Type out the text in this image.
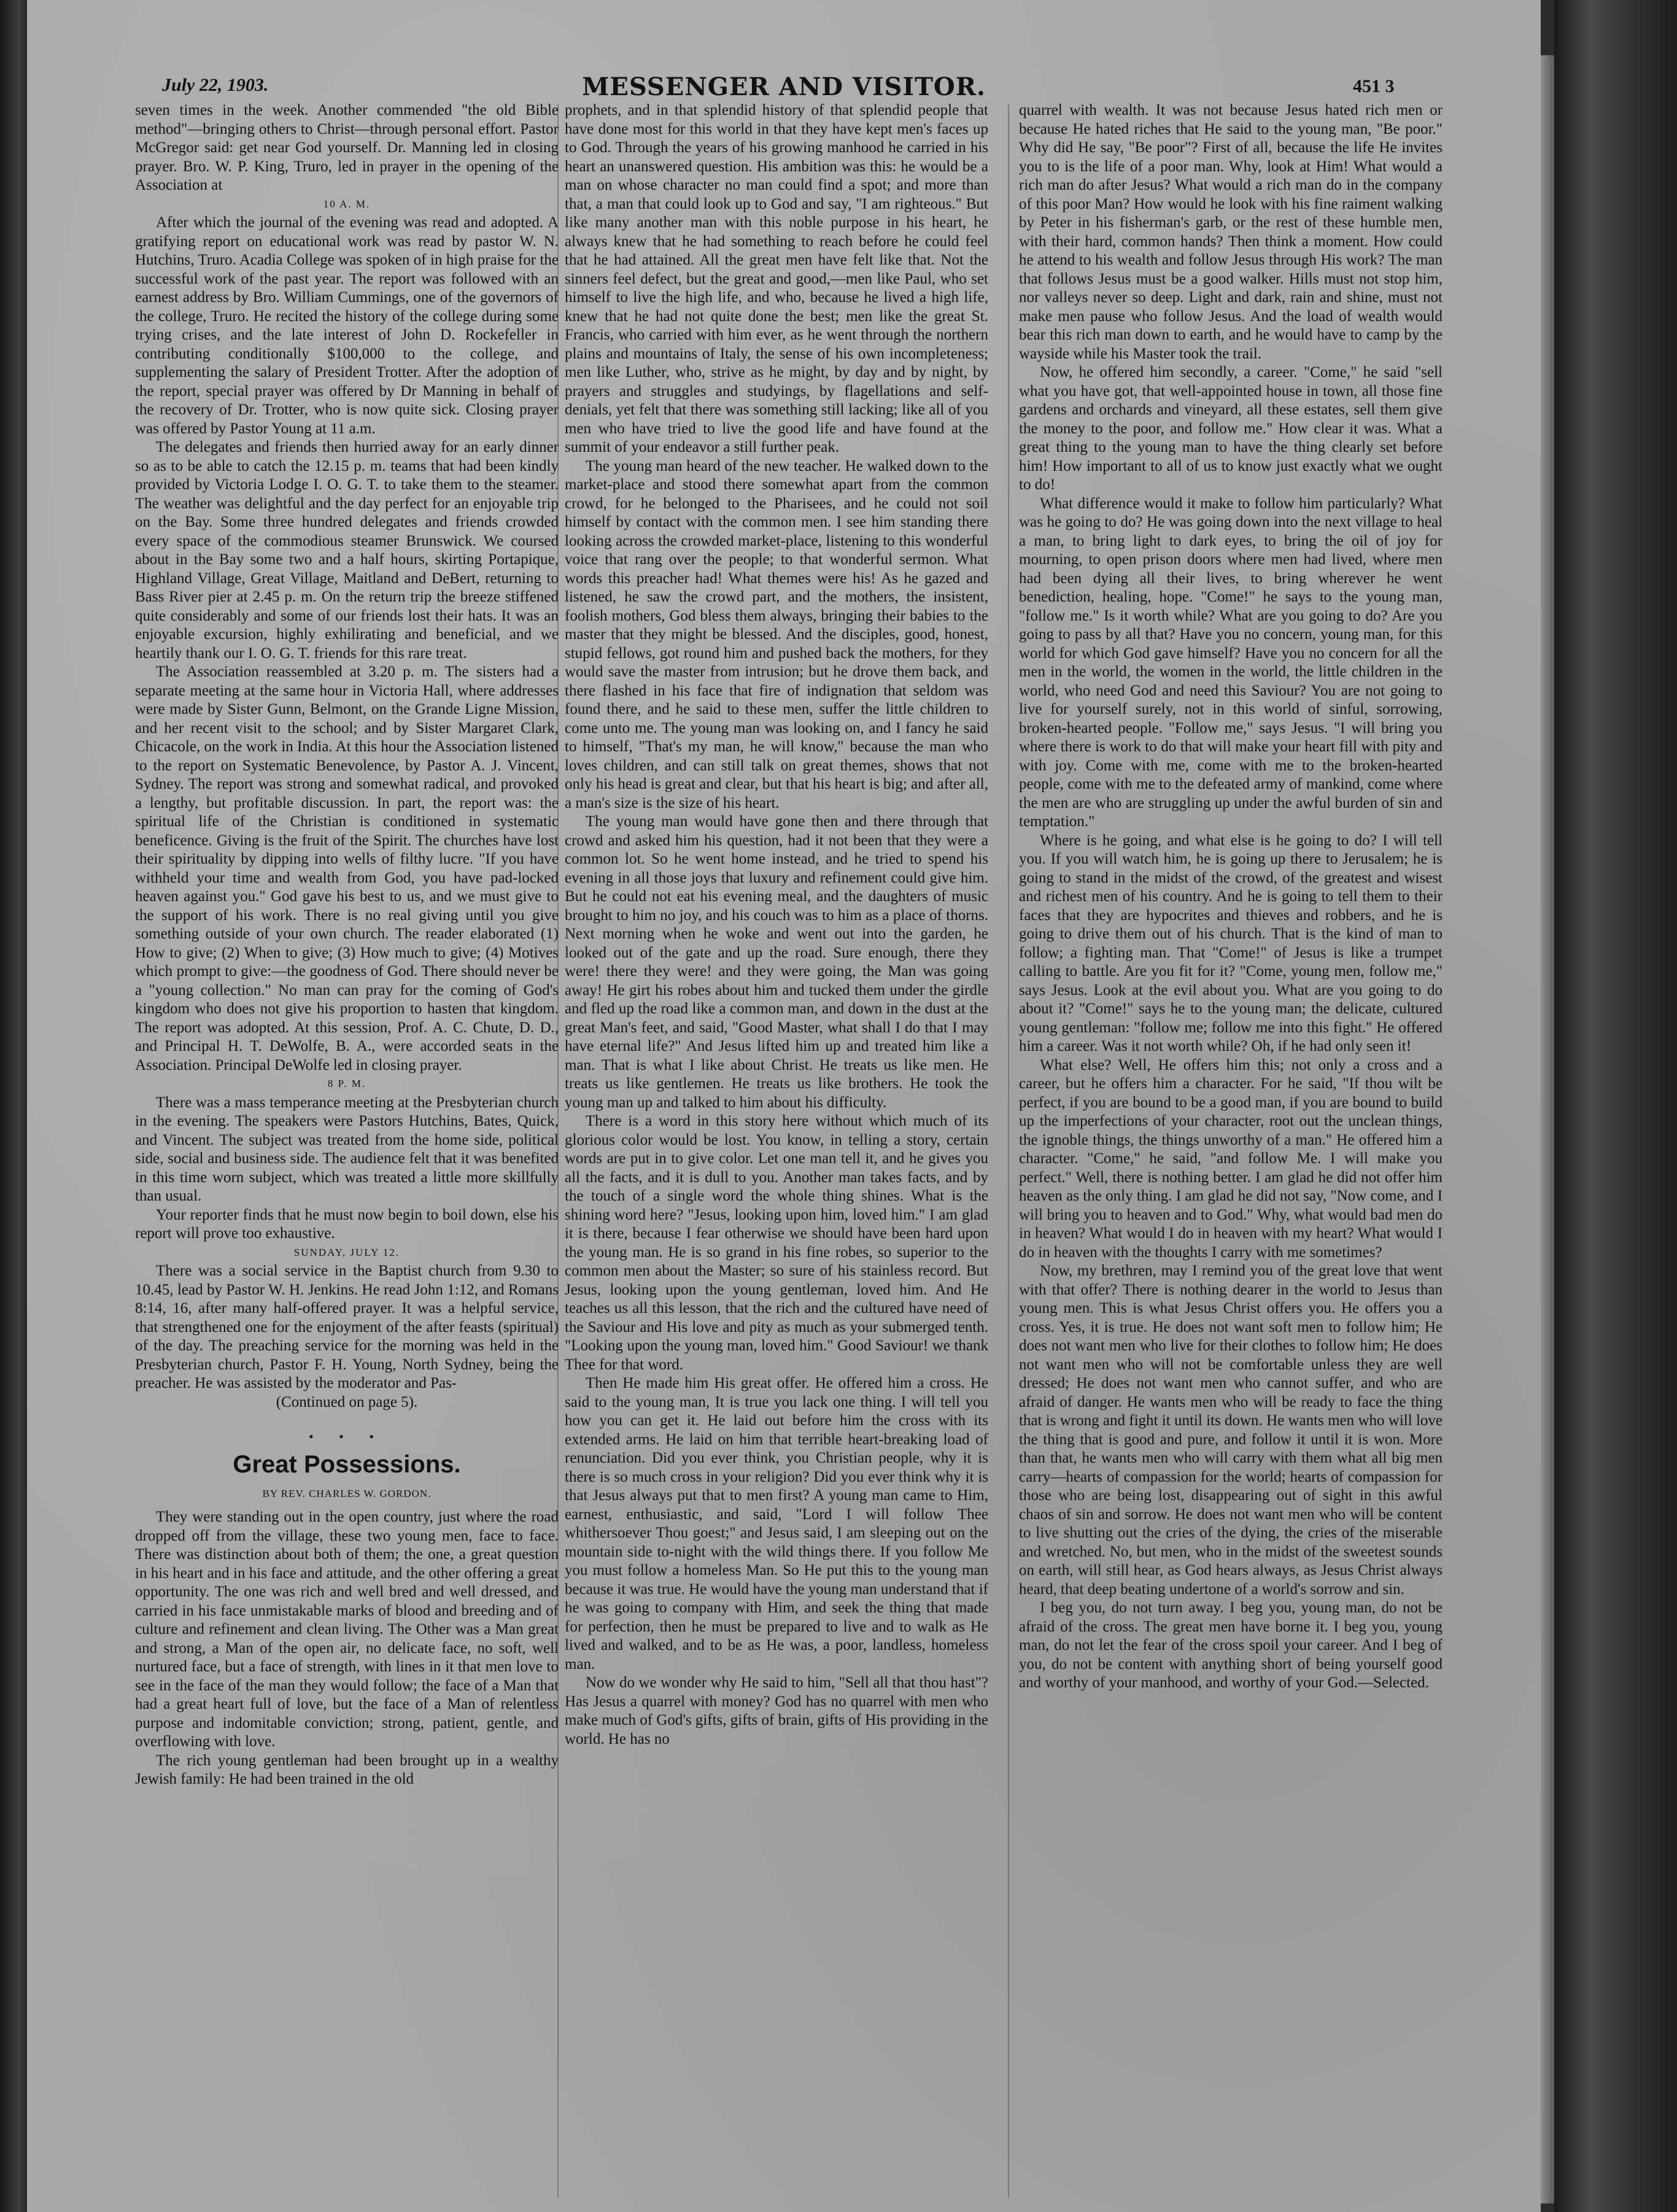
July 22, 1903.	MESSENGER AND VISITOR.	451 3

seven times in the week. Another commended "the old Bible method"—bringing others to Christ—through personal effort. Pastor McGregor said: get near God yourself. Dr. Manning led in closing prayer. Bro. W. P. King, Truro, led in prayer in the opening of the Association at

10 A. M.

After which the journal of the evening was read and adopted. A gratifying report on educational work was read by pastor W. N. Hutchins, Truro. Acadia College was spoken of in high praise for the successful work of the past year. The report was followed with an earnest address by Bro. William Cummings, one of the governors of the college, Truro. He recited the history of the college during some trying crises, and the late interest of John D. Rockefeller in contributing conditionally $100,000 to the college, and supplementing the salary of President Trotter. After the adoption of the report, special prayer was offered by Dr Manning in behalf of the recovery of Dr. Trotter, who is now quite sick. Closing prayer was offered by Pastor Young at 11 a.m.

The delegates and friends then hurried away for an early dinner so as to be able to catch the 12.15 p. m. teams that had been kindly provided by Victoria Lodge I. O. G. T. to take them to the steamer. The weather was delightful and the day perfect for an enjoyable trip on the Bay. Some three hundred delegates and friends crowded every space of the commodious steamer Brunswick. We coursed about in the Bay some two and a half hours, skirting Portapique, Highland Village, Great Village, Maitland and DeBert, returning to Bass River pier at 2.45 p. m. On the return trip the breeze stiffened quite considerably and some of our friends lost their hats. It was an enjoyable excursion, highly exhilirating and beneficial, and we heartily thank our I. O. G. T. friends for this rare treat.

The Association reassembled at 3.20 p. m. The sisters had a separate meeting at the same hour in Victoria Hall, where addresses were made by Sister Gunn, Belmont, on the Grande Ligne Mission, and her recent visit to the school; and by Sister Margaret Clark, Chicacole, on the work in India. At this hour the Association listened to the report on Systematic Benevolence, by Pastor A. J. Vincent, Sydney. The report was strong and somewhat radical, and provoked a lengthy, but profitable discussion. In part, the report was: the spiritual life of the Christian is conditioned in systematic beneficence. Giving is the fruit of the Spirit. The churches have lost their spirituality by dipping into wells of filthy lucre. "If you have withheld your time and wealth from God, you have pad-locked heaven against you." God gave his best to us, and we must give to the support of his work. There is no real giving until you give something outside of your own church. The reader elaborated (1) How to give; (2) When to give; (3) How much to give; (4) Motives which prompt to give:—the goodness of God. There should never be a "young collection." No man can pray for the coming of God's kingdom who does not give his proportion to hasten that kingdom. The report was adopted. At this session, Prof. A. C. Chute, D. D., and Principal H. T. DeWolfe, B. A., were accorded seats in the Association. Principal DeWolfe led in closing prayer.

8 P. M.

There was a mass temperance meeting at the Presbyterian church in the evening. The speakers were Pastors Hutchins, Bates, Quick, and Vincent. The subject was treated from the home side, political side, social and business side. The audience felt that it was benefited in this time worn subject, which was treated a little more skillfully than usual.

Your reporter finds that he must now begin to boil down, else his report will prove too exhaustive.

SUNDAY, JULY 12.

There was a social service in the Baptist church from 9.30 to 10.45, lead by Pastor W. H. Jenkins. He read John 1:12, and Romans 8:14, 16, after many half-offered prayer. It was a helpful service, that strengthened one for the enjoyment of the after feasts (spiritual) of the day. The preaching service for the morning was held in the Presbyterian church, Pastor F. H. Young, North Sydney, being the preacher. He was assisted by the moderator and Pas-

(Continued on page 5).

• • •
Great Possessions.
BY REV. CHARLES W. GORDON.

They were standing out in the open country, just where the road dropped off from the village, these two young men, face to face. There was distinction about both of them; the one, a great question in his heart and in his face and attitude, and the other offering a great opportunity. The one was rich and well bred and well dressed, and carried in his face unmistakable marks of blood and breeding and of culture and refinement and clean living. The Other was a Man great and strong, a Man of the open air, no delicate face, no soft, well nurtured face, but a face of strength, with lines in it that men love to see in the face of the man they would follow; the face of a Man that had a great heart full of love, but the face of a Man of relentless purpose and indomitable conviction; strong, patient, gentle, and overflowing with love.

The rich young gentleman had been brought up in a wealthy Jewish family: He had been trained in the old

prophets, and in that splendid history of that splendid people that have done most for this world in that they have kept men's faces up to God. Through the years of his growing manhood he carried in his heart an unanswered question. His ambition was this: he would be a man on whose character no man could find a spot; and more than that, a man that could look up to God and say, "I am righteous." But like many another man with this noble purpose in his heart, he always knew that he had something to reach before he could feel that he had attained. All the great men have felt like that. Not the sinners feel defect, but the great and good,—men like Paul, who set himself to live the high life, and who, because he lived a high life, knew that he had not quite done the best; men like the great St. Francis, who carried with him ever, as he went through the northern plains and mountains of Italy, the sense of his own incompleteness; men like Luther, who, strive as he might, by day and by night, by prayers and struggles and studyings, by flagellations and self-denials, yet felt that there was something still lacking; like all of you men who have tried to live the good life and have found at the summit of your endeavor a still further peak.

The young man heard of the new teacher. He walked down to the market-place and stood there somewhat apart from the common crowd, for he belonged to the Pharisees, and he could not soil himself by contact with the common men. I see him standing there looking across the crowded market-place, listening to this wonderful voice that rang over the people; to that wonderful sermon. What words this preacher had! What themes were his! As he gazed and listened, he saw the crowd part, and the mothers, the insistent, foolish mothers, God bless them always, bringing their babies to the master that they might be blessed. And the disciples, good, honest, stupid fellows, got round him and pushed back the mothers, for they would save the master from intrusion; but he drove them back, and there flashed in his face that fire of indignation that seldom was found there, and he said to these men, suffer the little children to come unto me. The young man was looking on, and I fancy he said to himself, "That's my man, he will know," because the man who loves children, and can still talk on great themes, shows that not only his head is great and clear, but that his heart is big; and after all, a man's size is the size of his heart.

The young man would have gone then and there through that crowd and asked him his question, had it not been that they were a common lot. So he went home instead, and he tried to spend his evening in all those joys that luxury and refinement could give him. But he could not eat his evening meal, and the daughters of music brought to him no joy, and his couch was to him as a place of thorns. Next morning when he woke and went out into the garden, he looked out of the gate and up the road. Sure enough, there they were! there they were! and they were going, the Man was going away! He girt his robes about him and tucked them under the girdle and fled up the road like a common man, and down in the dust at the great Man's feet, and said, "Good Master, what shall I do that I may have eternal life?" And Jesus lifted him up and treated him like a man. That is what I like about Christ. He treats us like men. He treats us like gentlemen. He treats us like brothers. He took the young man up and talked to him about his difficulty.

There is a word in this story here without which much of its glorious color would be lost. You know, in telling a story, certain words are put in to give color. Let one man tell it, and he gives you all the facts, and it is dull to you. Another man takes facts, and by the touch of a single word the whole thing shines. What is the shining word here? "Jesus, looking upon him, loved him." I am glad it is there, because I fear otherwise we should have been hard upon the young man. He is so grand in his fine robes, so superior to the common men about the Master; so sure of his stainless record. But Jesus, looking upon the young gentleman, loved him. And He teaches us all this lesson, that the rich and the cultured have need of the Saviour and His love and pity as much as your submerged tenth. "Looking upon the young man, loved him." Good Saviour! we thank Thee for that word.

Then He made him His great offer. He offered him a cross. He said to the young man, It is true you lack one thing. I will tell you how you can get it. He laid out before him the cross with its extended arms. He laid on him that terrible heart-breaking load of renunciation. Did you ever think, you Christian people, why it is there is so much cross in your religion? Did you ever think why it is that Jesus always put that to men first? A young man came to Him, earnest, enthusiastic, and said, "Lord I will follow Thee whithersoever Thou goest;" and Jesus said, I am sleeping out on the mountain side to-night with the wild things there. If you follow Me you must follow a homeless Man. So He put this to the young man because it was true. He would have the young man understand that if he was going to company with Him, and seek the thing that made for perfection, then he must be prepared to live and to walk as He lived and walked, and to be as He was, a poor, landless, homeless man.

Now do we wonder why He said to him, "Sell all that thou hast"? Has Jesus a quarrel with money? God has no quarrel with men who make much of God's gifts, gifts of brain, gifts of His providing in the world. He has no

quarrel with wealth. It was not because Jesus hated rich men or because He hated riches that He said to the young man, "Be poor." Why did He say, "Be poor"? First of all, because the life He invites you to is the life of a poor man. Why, look at Him! What would a rich man do after Jesus? What would a rich man do in the company of this poor Man? How would he look with his fine raiment walking by Peter in his fisherman's garb, or the rest of these humble men, with their hard, common hands? Then think a moment. How could he attend to his wealth and follow Jesus through His work? The man that follows Jesus must be a good walker. Hills must not stop him, nor valleys never so deep. Light and dark, rain and shine, must not make men pause who follow Jesus. And the load of wealth would bear this rich man down to earth, and he would have to camp by the wayside while his Master took the trail.

Now, he offered him secondly, a career. "Come," he said "sell what you have got, that well-appointed house in town, all those fine gardens and orchards and vineyard, all these estates, sell them give the money to the poor, and follow me." How clear it was. What a great thing to the young man to have the thing clearly set before him! How important to all of us to know just exactly what we ought to do!

What difference would it make to follow him particularly? What was he going to do? He was going down into the next village to heal a man, to bring light to dark eyes, to bring the oil of joy for mourning, to open prison doors where men had lived, where men had been dying all their lives, to bring wherever he went benediction, healing, hope. "Come!" he says to the young man, "follow me." Is it worth while? What are you going to do? Are you going to pass by all that? Have you no concern, young man, for this world for which God gave himself? Have you no concern for all the men in the world, the women in the world, the little children in the world, who need God and need this Saviour? You are not going to live for yourself surely, not in this world of sinful, sorrowing, broken-hearted people. "Follow me," says Jesus. "I will bring you where there is work to do that will make your heart fill with pity and with joy. Come with me, come with me to the broken-hearted people, come with me to the defeated army of mankind, come where the men are who are struggling up under the awful burden of sin and temptation."

Where is he going, and what else is he going to do? I will tell you. If you will watch him, he is going up there to Jerusalem; he is going to stand in the midst of the crowd, of the greatest and wisest and richest men of his country. And he is going to tell them to their faces that they are hypocrites and thieves and robbers, and he is going to drive them out of his church. That is the kind of man to follow; a fighting man. That "Come!" of Jesus is like a trumpet calling to battle. Are you fit for it? "Come, young men, follow me," says Jesus. Look at the evil about you. What are you going to do about it? "Come!" says he to the young man; the delicate, cultured young gentleman: "follow me; follow me into this fight." He offered him a career. Was it not worth while? Oh, if he had only seen it!

What else? Well, He offers him this; not only a cross and a career, but he offers him a character. For he said, "If thou wilt be perfect, if you are bound to be a good man, if you are bound to build up the imperfections of your character, root out the unclean things, the ignoble things, the things unworthy of a man." He offered him a character. "Come," he said, "and follow Me. I will make you perfect." Well, there is nothing better. I am glad he did not offer him heaven as the only thing. I am glad he did not say, "Now come, and I will bring you to heaven and to God." Why, what would bad men do in heaven? What would I do in heaven with my heart? What would I do in heaven with the thoughts I carry with me sometimes?

Now, my brethren, may I remind you of the great love that went with that offer? There is nothing dearer in the world to Jesus than young men. This is what Jesus Christ offers you. He offers you a cross. Yes, it is true. He does not want soft men to follow him; He does not want men who live for their clothes to follow him; He does not want men who will not be comfortable unless they are well dressed; He does not want men who cannot suffer, and who are afraid of danger. He wants men who will be ready to face the thing that is wrong and fight it until its down. He wants men who will love the thing that is good and pure, and follow it until it is won. More than that, he wants men who will carry with them what all big men carry—hearts of compassion for the world; hearts of compassion for those who are being lost, disappearing out of sight in this awful chaos of sin and sorrow. He does not want men who will be content to live shutting out the cries of the dying, the cries of the miserable and wretched. No, but men, who in the midst of the sweetest sounds on earth, will still hear, as God hears always, as Jesus Christ always heard, that deep beating undertone of a world's sorrow and sin.

I beg you, do not turn away. I beg you, young man, do not be afraid of the cross. The great men have borne it. I beg you, young man, do not let the fear of the cross spoil your career. And I beg of you, do not be content with anything short of being yourself good and worthy of your manhood, and worthy of your God.—Selected.
